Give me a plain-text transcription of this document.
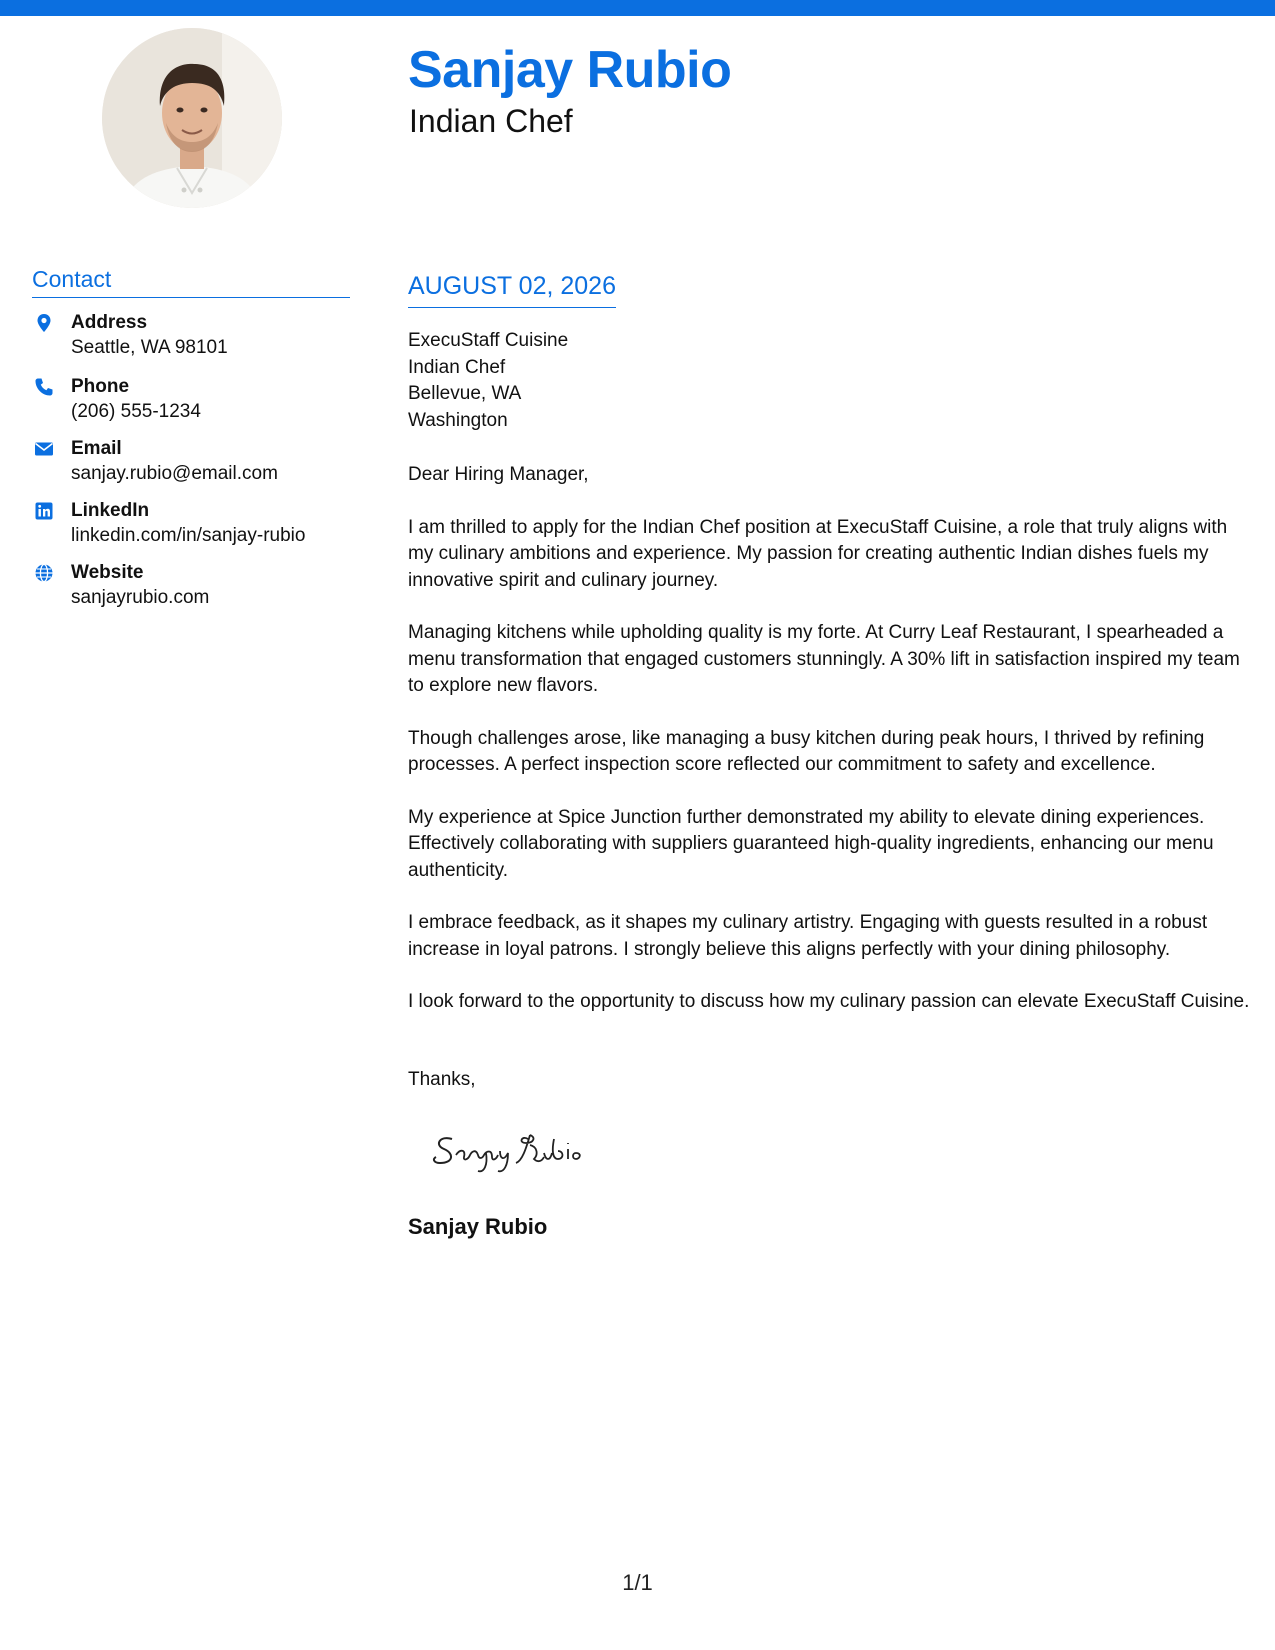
Sanjay Rubio
Indian Chef
Contact
Address
Seattle, WA 98101
Phone
(206) 555-1234
Email
sanjay.rubio@email.com
LinkedIn
linkedin.com/in/sanjay-rubio
Website
sanjayrubio.com
AUGUST 02, 2026
ExecuStaff Cuisine
Indian Chef
Bellevue, WA
Washington

Dear Hiring Manager,

I am thrilled to apply for the Indian Chef position at ExecuStaff Cuisine, a role that truly aligns with my culinary ambitions and experience. My passion for creating authentic Indian dishes fuels my innovative spirit and culinary journey.

Managing kitchens while upholding quality is my forte. At Curry Leaf Restaurant, I spearheaded a menu transformation that engaged customers stunningly. A 30% lift in satisfaction inspired my team to explore new flavors.

Though challenges arose, like managing a busy kitchen during peak hours, I thrived by refining processes. A perfect inspection score reflected our commitment to safety and excellence.

My experience at Spice Junction further demonstrated my ability to elevate dining experiences. Effectively collaborating with suppliers guaranteed high-quality ingredients, enhancing our menu authenticity.

I embrace feedback, as it shapes my culinary artistry. Engaging with guests resulted in a robust increase in loyal patrons. I strongly believe this aligns perfectly with your dining philosophy.

I look forward to the opportunity to discuss how my culinary passion can elevate ExecuStaff Cuisine.

Thanks,
Sanjay Rubio
1/1
